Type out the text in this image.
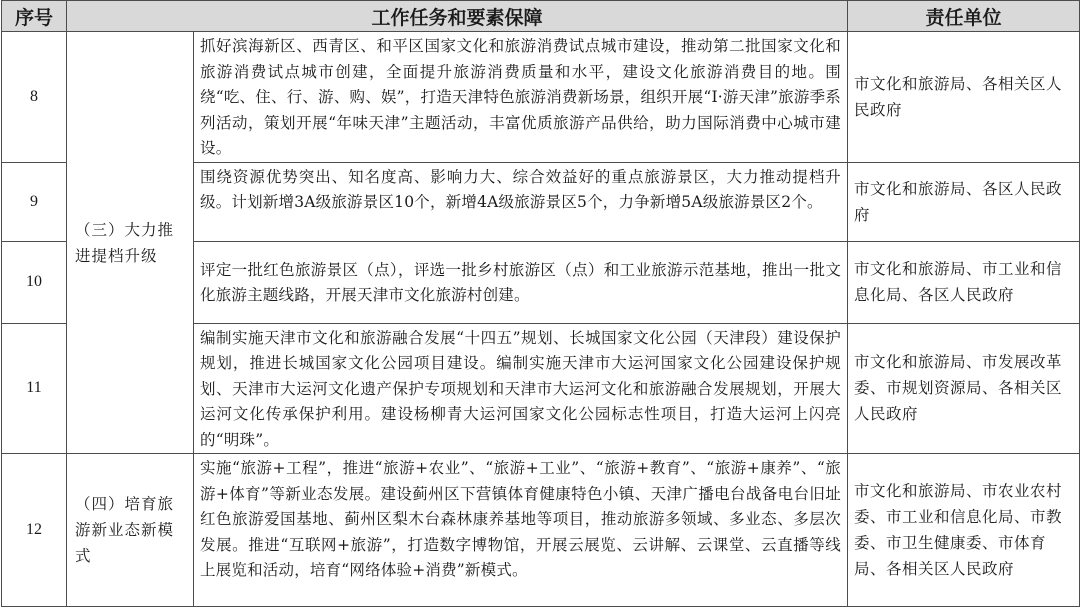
序号	工作任务和要素保障		责任单位
8	（三）大力推进提档升级	抓好滨海新区、西青区、和平区国家文化和旅游消费试点城市建设，推动第二批国家文化和旅游消费试点城市创建，全面提升旅游消费质量和水平，建设文化旅游消费目的地。围绕“吃、住、行、游、购、娱”，打造天津特色旅游消费新场景，组织开展“I·游天津”旅游季系列活动，策划开展“年味天津”主题活动，丰富优质旅游产品供给，助力国际消费中心城市建设。	市文化和旅游局、各相关区人民政府
9		围绕资源优势突出、知名度高、影响力大、综合效益好的重点旅游景区，大力推动提档升级。计划新增3A级旅游景区10个，新增4A级旅游景区5个，力争新增5A级旅游景区2个。	市文化和旅游局、各区人民政府
10		评定一批红色旅游景区（点），评选一批乡村旅游区（点）和工业旅游示范基地，推出一批文化旅游主题线路，开展天津市文化旅游村创建。	市文化和旅游局、市工业和信息化局、各区人民政府
11		编制实施天津市文化和旅游融合发展“十四五”规划、长城国家文化公园（天津段）建设保护规划，推进长城国家文化公园项目建设。编制实施天津市大运河国家文化公园建设保护规划、天津市大运河文化遗产保护专项规划和天津市大运河文化和旅游融合发展规划，开展大运河文化传承保护利用。建设杨柳青大运河国家文化公园标志性项目，打造大运河上闪亮的“明珠”。	市文化和旅游局、市发展改革委、市规划资源局、各相关区人民政府
12	（四）培育旅游新业态新模式	实施“旅游+工程”，推进“旅游+农业”、“旅游+工业”、“旅游+教育”、“旅游+康养”、“旅游+体育”等新业态发展。建设蓟州区下营镇体育健康特色小镇、天津广播电台战备电台旧址红色旅游爱国基地、蓟州区梨木台森林康养基地等项目，推动旅游多领域、多业态、多层次发展。推进“互联网+旅游”，打造数字博物馆，开展云展览、云讲解、云课堂、云直播等线上展览和活动，培育“网络体验+消费”新模式。	市文化和旅游局、市农业农村委、市工业和信息化局、市教委、市卫生健康委、市体育局、各相关区人民政府
